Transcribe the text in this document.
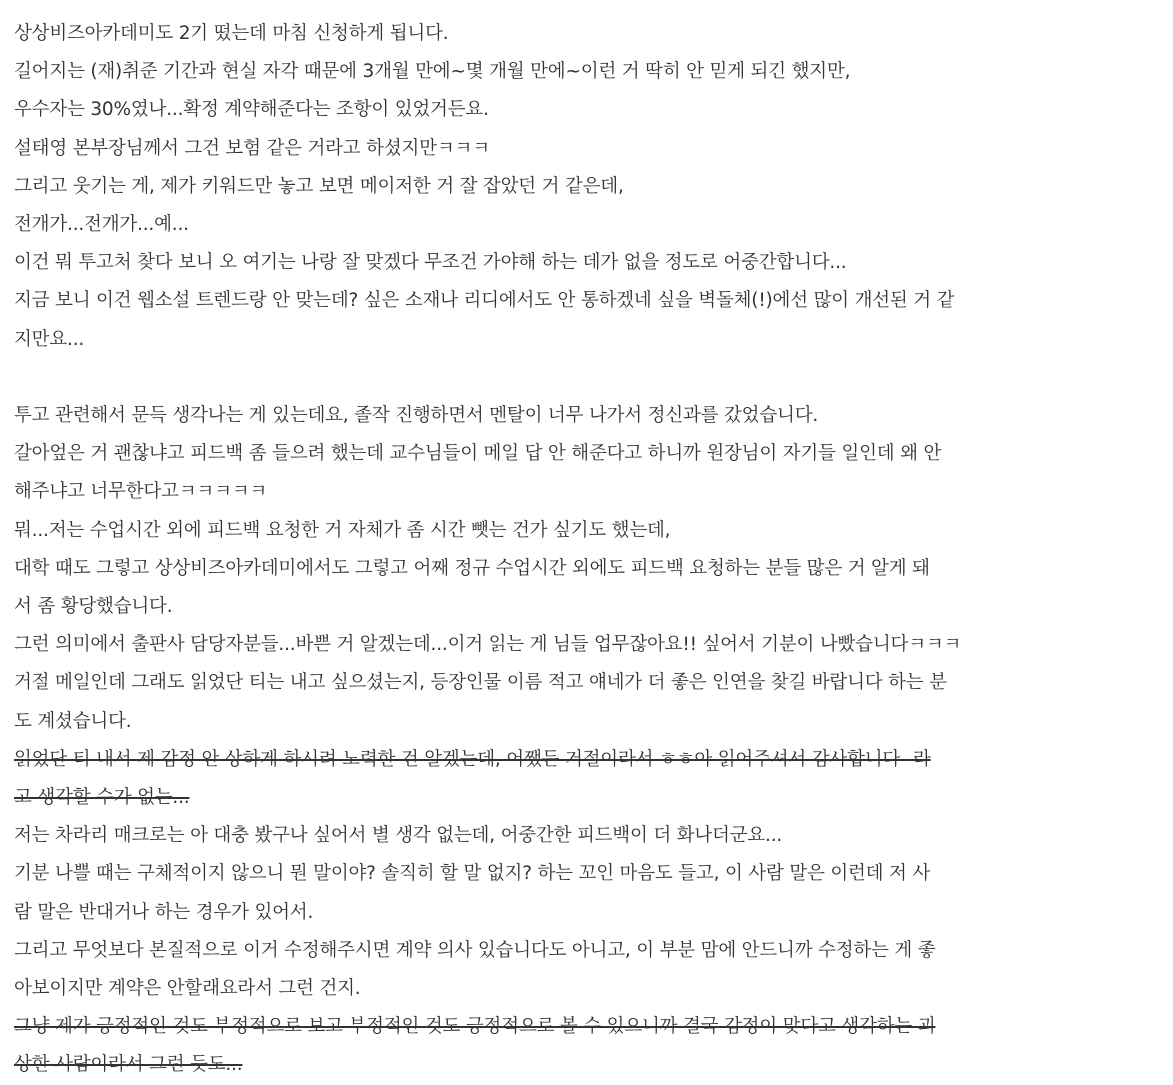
상상비즈아카데미도 2기 떴는데 마침 신청하게 됩니다.
길어지는 (재)취준 기간과 현실 자각 때문에 3개월 만에~몇 개월 만에~이런 거 딱히 안 믿게 되긴 했지만,
우수자는 30%였나...확정 계약해준다는 조항이 있었거든요.
설태영 본부장님께서 그건 보험 같은 거라고 하셨지만ㅋㅋㅋ
그리고 웃기는 게, 제가 키워드만 놓고 보면 메이저한 거 잘 잡았던 거 같은데,
전개가...전개가...예...
이건 뭐 투고처 찾다 보니 오 여기는 나랑 잘 맞겠다 무조건 가야해 하는 데가 없을 정도로 어중간합니다...
지금 보니 이건 웹소설 트렌드랑 안 맞는데? 싶은 소재나 리디에서도 안 통하겠네 싶을 벽돌체(!)에선 많이 개선된 거 같
지만요...
투고 관련해서 문득 생각나는 게 있는데요, 졸작 진행하면서 멘탈이 너무 나가서 정신과를 갔었습니다.
갈아엎은 거 괜찮냐고 피드백 좀 들으려 했는데 교수님들이 메일 답 안 해준다고 하니까 원장님이 자기들 일인데 왜 안
해주냐고 너무한다고ㅋㅋㅋㅋㅋ
뭐...저는 수업시간 외에 피드백 요청한 거 자체가 좀 시간 뺏는 건가 싶기도 했는데,
대학 때도 그렇고 상상비즈아카데미에서도 그렇고 어째 정규 수업시간 외에도 피드백 요청하는 분들 많은 거 알게 돼
서 좀 황당했습니다.
그런 의미에서 출판사 담당자분들...바쁜 거 알겠는데...이거 읽는 게 님들 업무잖아요!! 싶어서 기분이 나빴습니다ㅋㅋㅋ
거절 메일인데 그래도 읽었단 티는 내고 싶으셨는지, 등장인물 이름 적고 얘네가 더 좋은 인연을 찾길 바랍니다 하는 분
도 계셨습니다.
읽었단 티 내서 제 감정 안 상하게 하시려 노력한 건 알겠는데, 어쨌든 거절이라서 ㅎㅎ아 읽어주셔서 감사합니다--라
고 생각할 수가 없는...
저는 차라리 매크로는 아 대충 봤구나 싶어서 별 생각 없는데, 어중간한 피드백이 더 화나더군요...
기분 나쁠 때는 구체적이지 않으니 뭔 말이야? 솔직히 할 말 없지? 하는 꼬인 마음도 들고, 이 사람 말은 이런데 저 사
람 말은 반대거나 하는 경우가 있어서.
그리고 무엇보다 본질적으로 이거 수정해주시면 계약 의사 있습니다도 아니고, 이 부분 맘에 안드니까 수정하는 게 좋
아보이지만 계약은 안할래요라서 그런 건지.
그냥 제가 긍정적인 것도 부정적으로 보고 부정적인 것도 긍정적으로 볼 수 있으니까 결국 감정이 맞다고 생각하는 괴
상한 사람이라서 그런 듯도...
